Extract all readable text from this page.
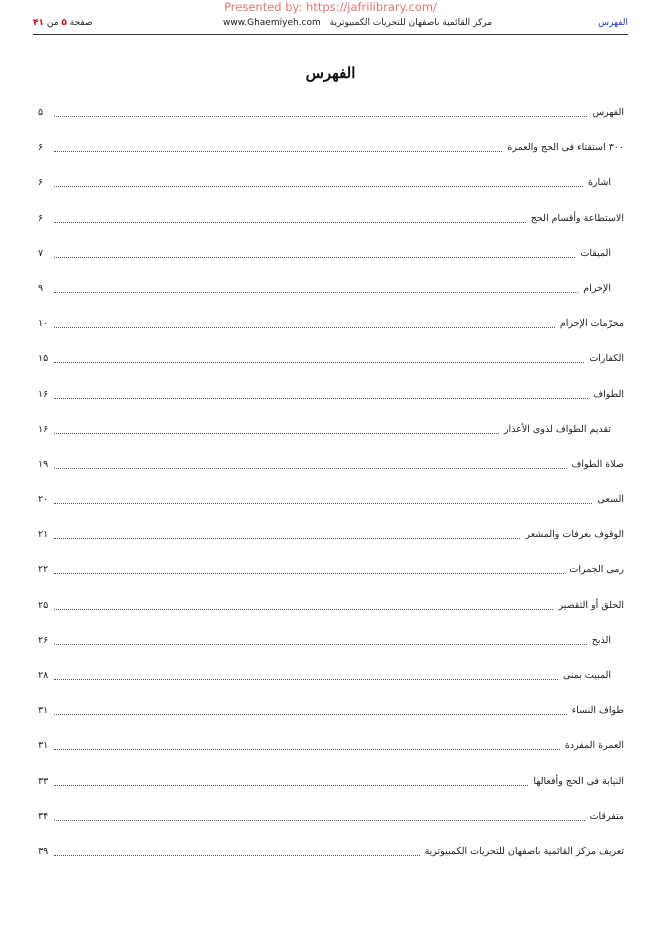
Presented by: https://jafrilibrary.com/
الفهرس
www.Ghaemiyeh.com مركز القائمية باصفهان للتحريات الكمبيوترية
صفحة ۵ من ۴۱
الفهرس
۵	الفهرس
۶	۳۰۰ استفتاء فی الحج والعمرة
۶	اشارة
۶	الاستطاعة وأقسام الحج
۷	المیقات
۹	الإحرام
۱۰	محرّمات الإحرام
۱۵	الکفارات
۱۶	الطواف
۱۶	تقدیم الطواف لذوی الأعذار
۱۹	صلاة الطواف
۲۰	السعی
۲۱	الوقوف بعرفات والمشعر
۲۲	رمی الجمرات
۲۵	الحلق أو التقصیر
۲۶	الذبح
۲۸	المبیت بمنی
۳۱	طواف النساء
۳۱	العمرة المفردة
۳۳	النیابة فی الحج وأفعالها
۳۴	متفرقات
۳۹	تعریف مرکز القائمیة باصفهان للتحریات الکمبیوتریة
